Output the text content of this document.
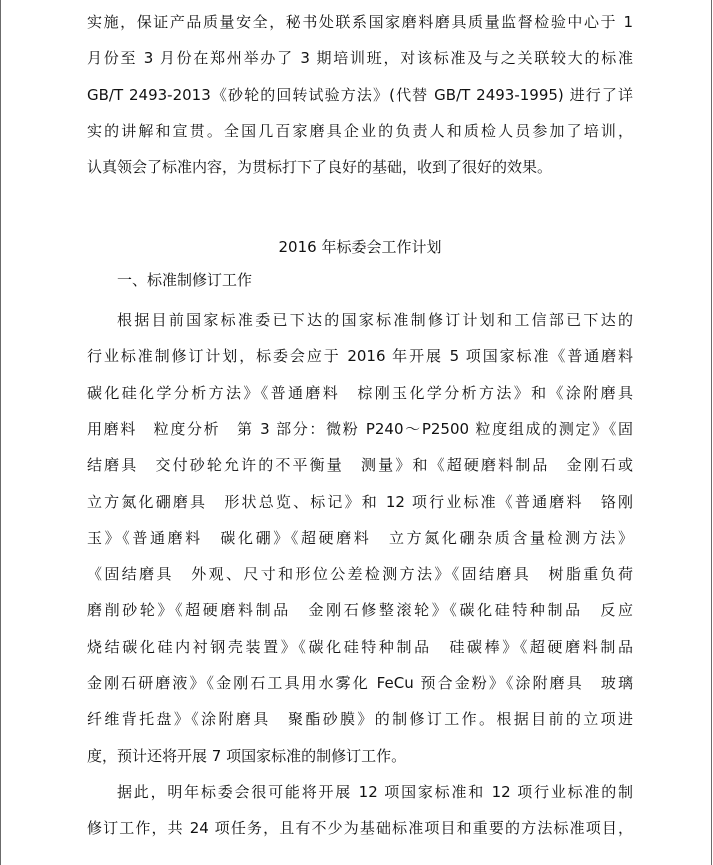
实施，保证产品质量安全，秘书处联系国家磨料磨具质量监督检验中心于 1
月份至 3 月份在郑州举办了 3 期培训班，对该标准及与之关联较大的标准
GB/T 2493-2013《砂轮的回转试验方法》(代替 GB/T 2493-1995) 进行了详
实的讲解和宣贯。全国几百家磨具企业的负责人和质检人员参加了培训，
认真领会了标准内容，为贯标打下了良好的基础，收到了很好的效果。
2016 年标委会工作计划
一、标准制修订工作
根据目前国家标准委已下达的国家标准制修订计划和工信部已下达的
行业标准制修订计划，标委会应于 2016 年开展 5 项国家标准《普通磨料
碳化硅化学分析方法》《普通磨料　棕刚玉化学分析方法》和《涂附磨具
用磨料　粒度分析　第 3 部分：微粉 P240～P2500 粒度组成的测定》《固
结磨具　交付砂轮允许的不平衡量　测量》和《超硬磨料制品　金刚石或
立方氮化硼磨具　形状总览、标记》和 12 项行业标准《普通磨料　铬刚
玉》《普通磨料　碳化硼》《超硬磨料　立方氮化硼杂质含量检测方法》
《固结磨具　外观、尺寸和形位公差检测方法》《固结磨具　树脂重负荷
磨削砂轮》《超硬磨料制品　金刚石修整滚轮》《碳化硅特种制品　反应
烧结碳化硅内衬钢壳装置》《碳化硅特种制品　硅碳棒》《超硬磨料制品
金刚石研磨液》《金刚石工具用水雾化 FeCu 预合金粉》《涂附磨具　玻璃
纤维背托盘》《涂附磨具　聚酯砂膜》的制修订工作。根据目前的立项进
度，预计还将开展 7 项国家标准的制修订工作。
据此，明年标委会很可能将开展 12 项国家标准和 12 项行业标准的制
修订工作，共 24 项任务，且有不少为基础标准项目和重要的方法标准项目，
